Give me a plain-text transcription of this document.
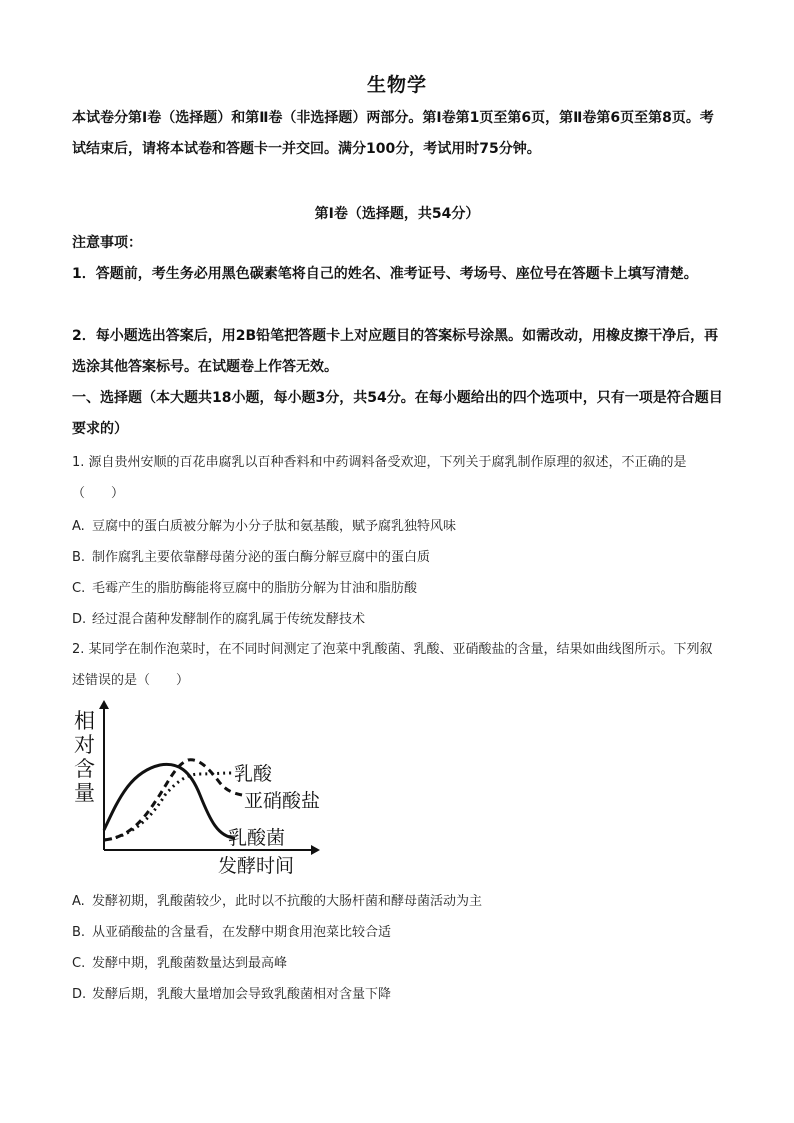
生物学
本试卷分第Ⅰ卷（选择题）和第Ⅱ卷（非选择题）两部分。第Ⅰ卷第1页至第6页，第Ⅱ卷第6页至第8页。考试结束后，请将本试卷和答题卡一并交回。满分100分，考试用时75分钟。
第Ⅰ卷（选择题，共54分）
注意事项：
1．答题前，考生务必用黑色碳素笔将自己的姓名、准考证号、考场号、座位号在答题卡上填写清楚。
2．每小题选出答案后，用2B铅笔把答题卡上对应题目的答案标号涂黑。如需改动，用橡皮擦干净后，再选涂其他答案标号。在试题卷上作答无效。
一、选择题（本大题共18小题，每小题3分，共54分。在每小题给出的四个选项中，只有一项是符合题目要求的）
1. 源自贵州安顺的百花串腐乳以百种香料和中药调料备受欢迎，下列关于腐乳制作原理的叙述，不正确的是（　　）
A. 豆腐中的蛋白质被分解为小分子肽和氨基酸，赋予腐乳独特风味
B. 制作腐乳主要依靠酵母菌分泌的蛋白酶分解豆腐中的蛋白质
C. 毛霉产生的脂肪酶能将豆腐中的脂肪分解为甘油和脂肪酸
D. 经过混合菌种发酵制作的腐乳属于传统发酵技术
2. 某同学在制作泡菜时，在不同时间测定了泡菜中乳酸菌、乳酸、亚硝酸盐的含量，结果如曲线图所示。下列叙述错误的是（　　）
相
对
含
量
乳酸
亚硝酸盐
乳酸菌
发酵时间
A. 发酵初期，乳酸菌较少，此时以不抗酸的大肠杆菌和酵母菌活动为主
B. 从亚硝酸盐的含量看，在发酵中期食用泡菜比较合适
C. 发酵中期，乳酸菌数量达到最高峰
D. 发酵后期，乳酸大量增加会导致乳酸菌相对含量下降
